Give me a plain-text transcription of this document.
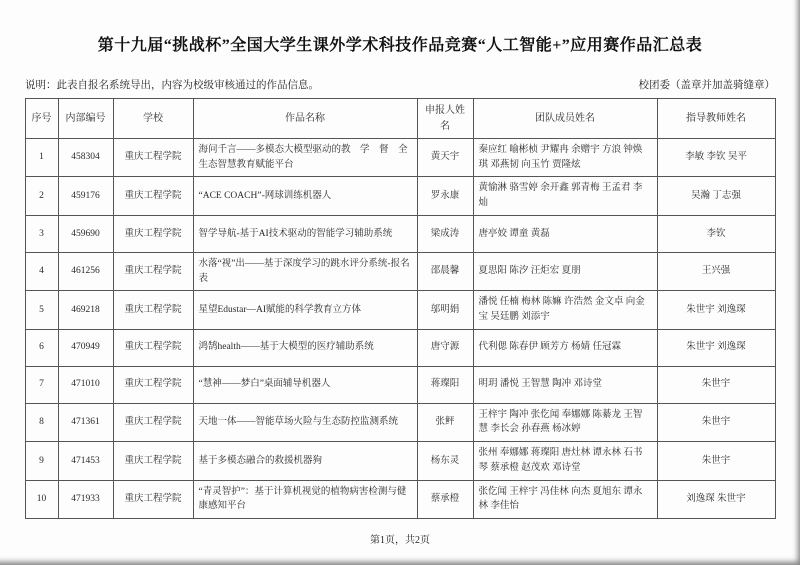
第十九届“挑战杯”全国大学生课外学术科技作品竞赛“人工智能+”应用赛作品汇总表
说明：此表自报名系统导出，内容为校级审核通过的作品信息。	校团委（盖章并加盖骑缝章）
序号	内部编号	学校	作品名称	申报人姓名	团队成员姓名	指导教师姓名
1	458304	重庆工程学院	海问千言——多模态大模型驱动的教　学　督　全生态智慧教育赋能平台	黄天宇	秦应红 喻彬桢 尹耀冉 余赠宇 方浪 钟焕琪 邓燕韧 向玉竹 贾隆炫	李敏 李钦 吴平
2	459176	重庆工程学院	“ACE COACH”-网球训练机器人	罗永康	黄愉淋 骆雪婷 余开鑫 郭青梅 王孟君 李灿	吴瀚 丁志强
3	459690	重庆工程学院	智学导航-基于AI技术驱动的智能学习辅助系统	梁成涛	唐亭姣 谭童 黄磊	李钦
4	461256	重庆工程学院	水落“视”出——基于深度学习的跳水评分系统-报名表	邵晨馨	夏思阳 陈汐 汪炬宏 夏朋	王兴强
5	469218	重庆工程学院	星望Edustar—AI赋能的科学教育立方体	邬明娟	潘悦 任楠 梅林 陈嫲 许浩然 金文卓 向金宝 吴廷鹏 刘添宇	朱世宇 刘逸琛
6	470949	重庆工程学院	鸿鹄health——基于大模型的医疗辅助系统	唐守源	代利偲 陈春伊 顾芳方 杨婧 任冠霖	朱世宇 刘逸琛
7	471010	重庆工程学院	“慧神——梦白”桌面辅导机器人	蒋璨阳	明玥 潘悦 王智慧 陶冲 邓诗堂	朱世宇
8	471361	重庆工程学院	天地一体——智能草场火险与生态防控监测系统	张鲆	王梓宇 陶冲 张仡闻 奉娜娜 陈綦龙 王智慧 李长会 孙春燕 杨冰婷	朱世宇
9	471453	重庆工程学院	基于多模态融合的救援机器狗	杨东灵	张州 奉娜娜 蒋璨阳 唐灶林 谭永林 石书琴 蔡承橙 赵茂欢 邓诗堂	朱世宇
10	471933	重庆工程学院	“青灵智护”：基于计算机视觉的植物病害检测与健康感知平台	蔡承橙	张仡闻 王梓宇 冯佳林 向杰 夏旭东 谭永林 李佳怡	刘逸琛 朱世宇
第1页，共2页
